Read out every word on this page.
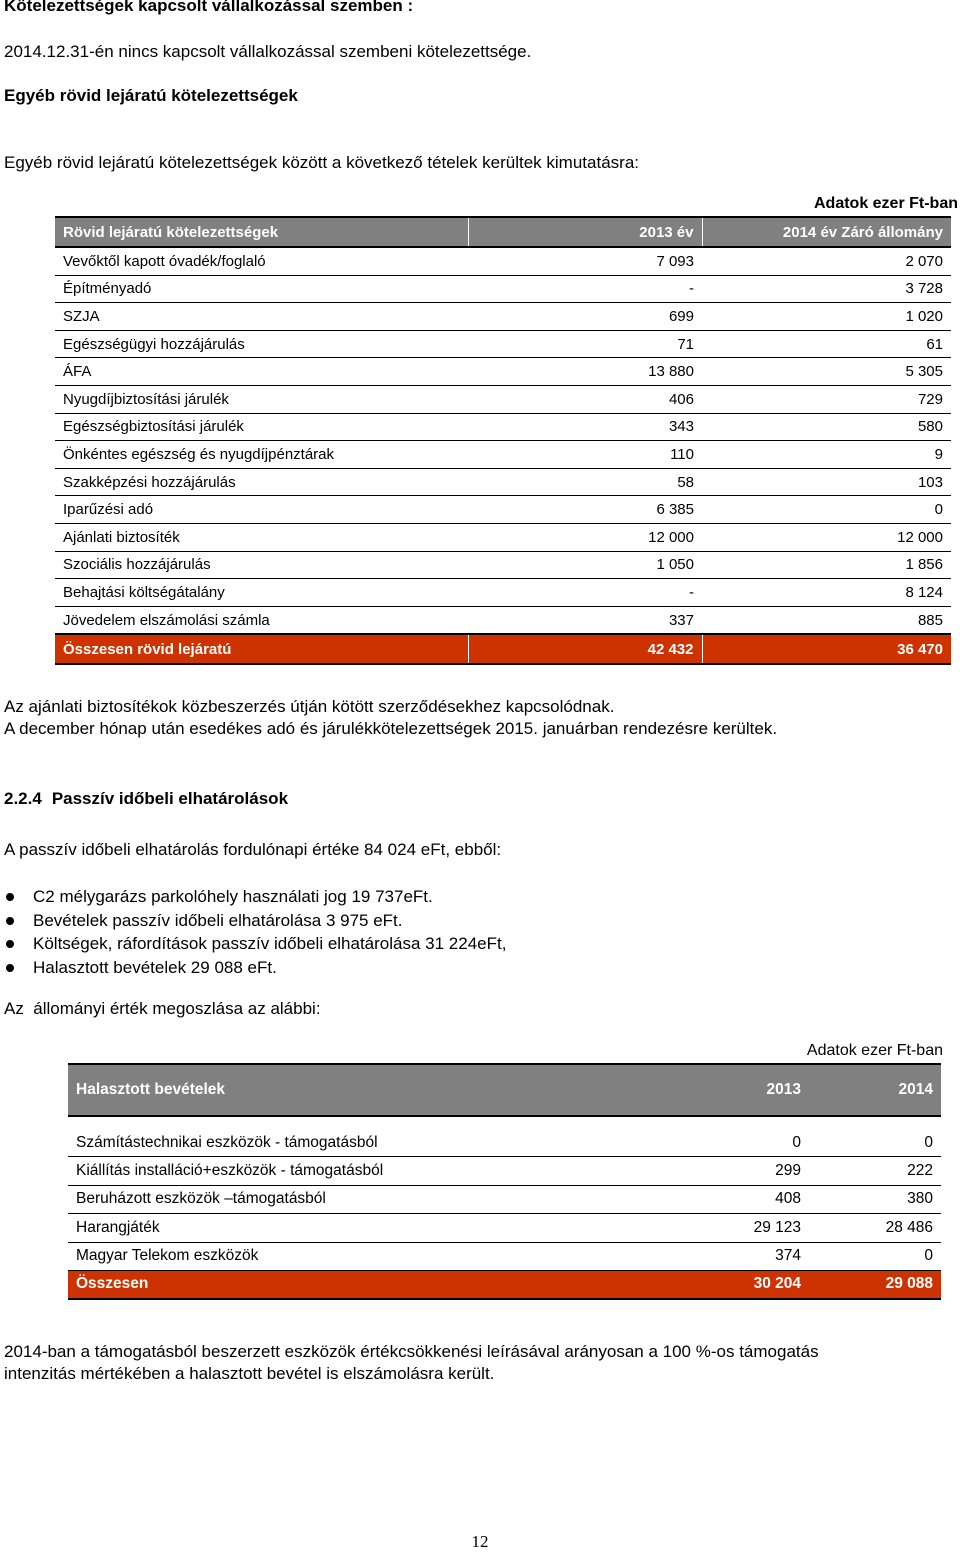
Kötelezettségek kapcsolt vállalkozással szemben :
2014.12.31-én nincs kapcsolt vállalkozással szembeni kötelezettsége.
Egyéb rövid lejáratú kötelezettségek
Egyéb rövid lejáratú kötelezettségek között a következő tételek kerültek kimutatásra:
Adatok ezer Ft-ban
Rövid lejáratú kötelezettségek	2013 év	2014 év Záró állomány
Vevőktől kapott óvadék/foglaló	7 093	2 070
Építményadó	-	3 728
SZJA	699	1 020
Egészségügyi hozzájárulás	71	61
ÁFA	13 880	5 305
Nyugdíjbiztosítási járulék	406	729
Egészségbiztosítási járulék	343	580
Önkéntes egészség és nyugdíjpénztárak	110	9
Szakképzési hozzájárulás	58	103
Iparűzési adó	6 385	0
Ajánlati biztosíték	12 000	12 000
Szociális hozzájárulás	1 050	1 856
Behajtási költségátalány	-	8 124
Jövedelem elszámolási számla	337	885
Összesen rövid lejáratú	42 432	36 470
Az ajánlati biztosítékok közbeszerzés útján kötött szerződésekhez kapcsolódnak.
A december hónap után esedékes adó és járulékkötelezettségek 2015. januárban rendezésre kerültek.
2.2.4 Passzív időbeli elhatárolások
A passzív időbeli elhatárolás fordulónapi értéke 84 024 eFt, ebből:
C2 mélygarázs parkolóhely használati jog 19 737eFt.
Bevételek passzív időbeli elhatárolása 3 975 eFt.
Költségek, ráfordítások passzív időbeli elhatárolása 31 224eFt,
Halasztott bevételek 29 088 eFt.
Az  állományi érték megoszlása az alábbi:
Adatok ezer Ft-ban
Halasztott bevételek	2013	2014
Számítástechnikai eszközök - támogatásból	0	0
Kiállítás installáció+eszközök - támogatásból	299	222
Beruházott eszközök –támogatásból	408	380
Harangjáték	29 123	28 486
Magyar Telekom eszközök	374	0
Összesen	30 204	29 088
2014-ban a támogatásból beszerzett eszközök értékcsökkenési leírásával arányosan a 100 %-os támogatás
intenzitás mértékében a halasztott bevétel is elszámolásra került.
12
